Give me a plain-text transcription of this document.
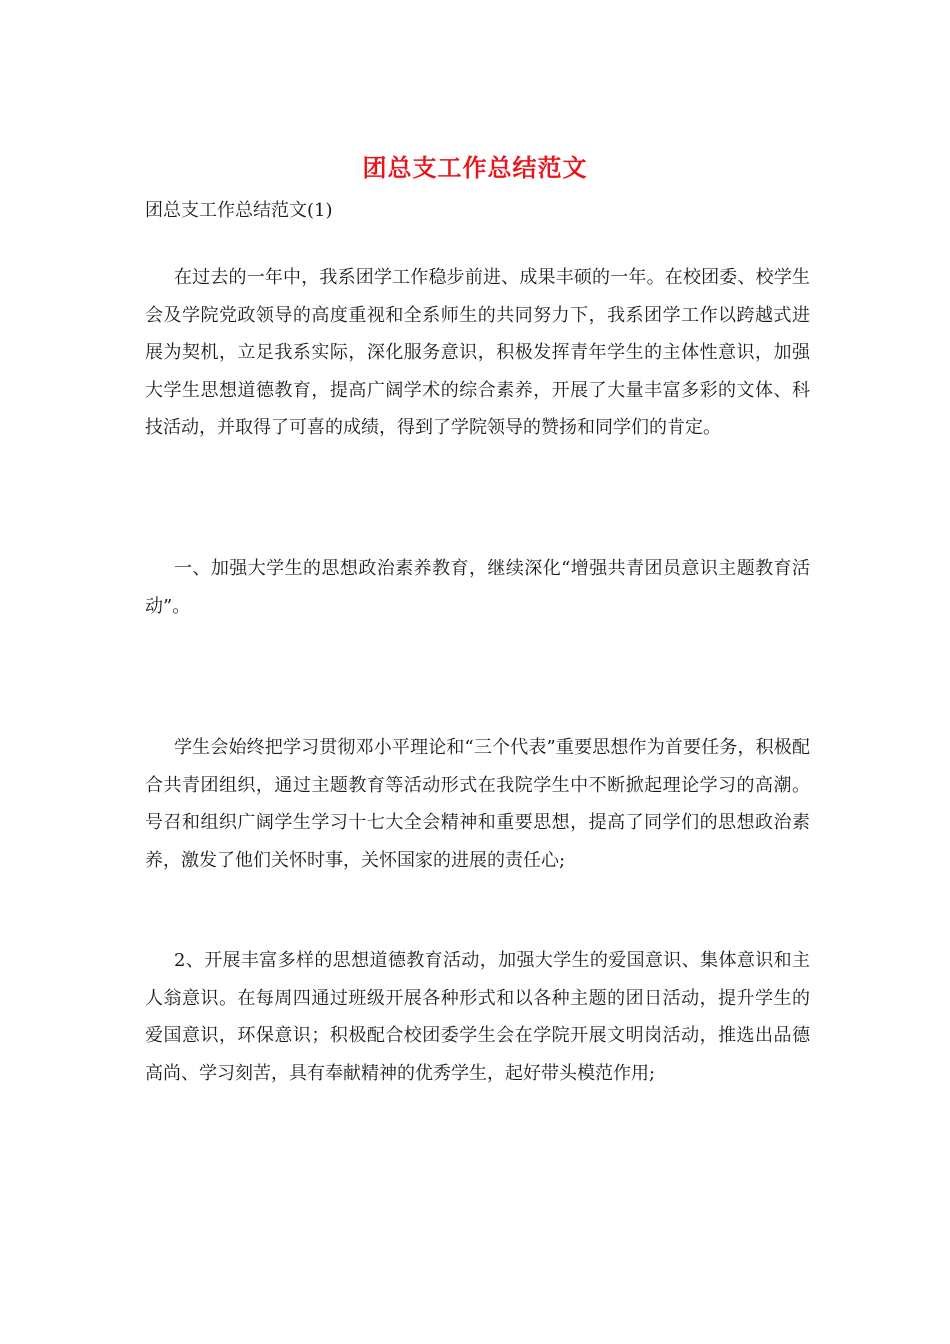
团总支工作总结范文
团总支工作总结范文(1)
在过去的一年中，我系团学工作稳步前进、成果丰硕的一年。在校团委、校学生会及学院党政领导的高度重视和全系师生的共同努力下，我系团学工作以跨越式进展为契机，立足我系实际，深化服务意识，积极发挥青年学生的主体性意识，加强大学生思想道德教育，提高广阔学术的综合素养，开展了大量丰富多彩的文体、科技活动，并取得了可喜的成绩，得到了学院领导的赞扬和同学们的肯定。
一、加强大学生的思想政治素养教育，继续深化“增强共青团员意识主题教育活动”。
学生会始终把学习贯彻邓小平理论和“三个代表”重要思想作为首要任务，积极配合共青团组织，通过主题教育等活动形式在我院学生中不断掀起理论学习的高潮。号召和组织广阔学生学习十七大全会精神和重要思想，提高了同学们的思想政治素养，激发了他们关怀时事，关怀国家的进展的责任心;
2、开展丰富多样的思想道德教育活动，加强大学生的爱国意识、集体意识和主人翁意识。在每周四通过班级开展各种形式和以各种主题的团日活动，提升学生的爱国意识，环保意识；积极配合校团委学生会在学院开展文明岗活动，推选出品德高尚、学习刻苦，具有奉献精神的优秀学生，起好带头模范作用;
